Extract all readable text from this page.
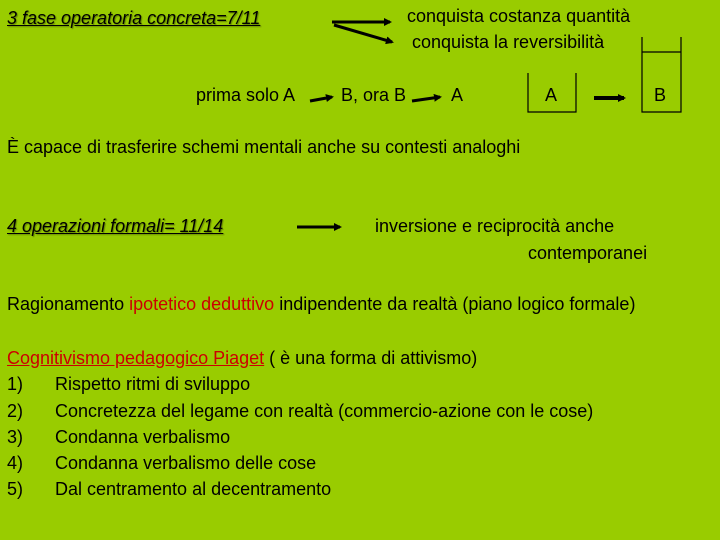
3 fase operatoria concreta=7/11	conquista costanza quantità
conquista la reversibilità
prima solo A	B, ora B A	A	B
È capace di trasferire schemi mentali anche su contesti analoghi
4 operazioni formali= 11/14	inversione e reciprocità anche
contemporanei
Ragionamento ipotetico deduttivo indipendente da realtà (piano logico formale)
Cognitivismo pedagogico Piaget ( è una forma di attivismo)
1) Rispetto ritmi di sviluppo
2) Concretezza del legame con realtà (commercio-azione con le cose)
3) Condanna verbalismo
4) Condanna verbalismo delle cose
5) Dal centramento al decentramento
